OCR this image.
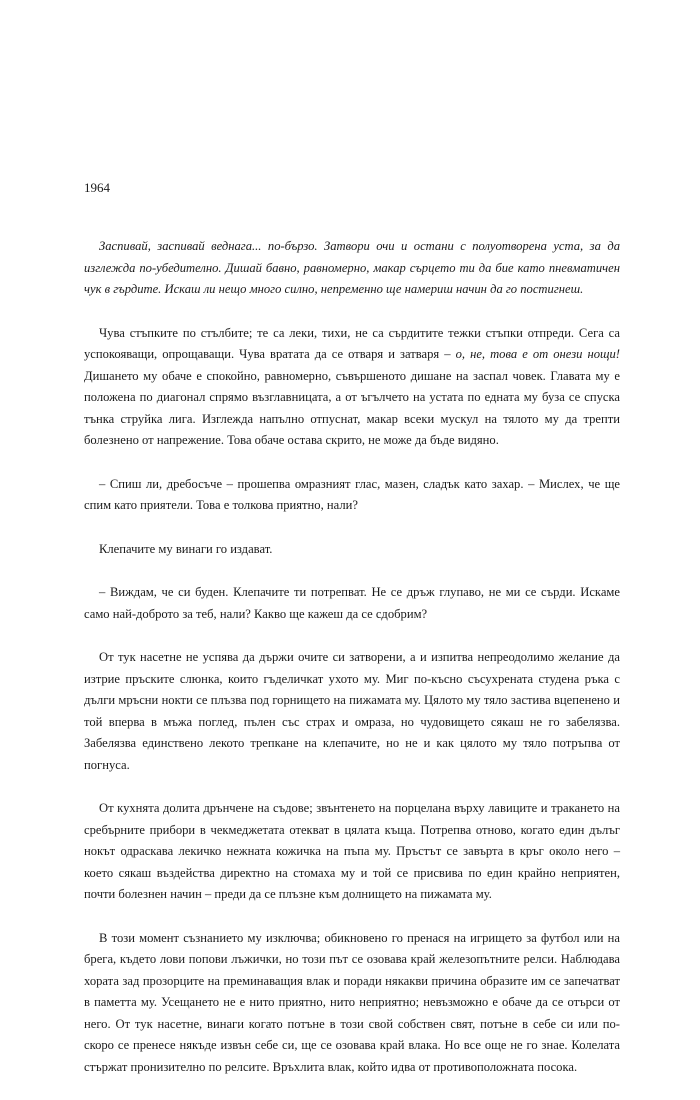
1964

Заспивай, заспивай веднага... по-бързо. Затвори очи и остани с полуотворена уста, за да изглежда по-убедително. Дишай бавно, равномерно, макар сърцето ти да бие като пневматичен чук в гърдите. Искаш ли нещо много силно, непременно ще намериш начин да го постигнеш.

Чува стъпките по стълбите; те са леки, тихи, не са сърдитите тежки стъпки отпреди. Сега са успокояващи, опрощаващи. Чува вратата да се отваря и затваря – о, не, това е от онези нощи! Дишането му обаче е спокойно, равномерно, съвършеното дишане на заспал човек. Главата му е положена по диагонал спрямо възглавницата, а от ъгълчето на устата по едната му буза се спуска тънка струйка лига. Изглежда напълно отпуснат, макар всеки мускул на тялото му да трепти болезнено от напрежение. Това обаче остава скрито, не може да бъде видяно.

– Спиш ли, дребосъче – прошепва омразният глас, мазен, сладък като захар. – Мислех, че ще спим като приятели. Това е толкова приятно, нали?

Клепачите му винаги го издават.

– Виждам, че си буден. Клепачите ти потрепват. Не се дръж глупаво, не ми се сърди. Искаме само най-доброто за теб, нали? Какво ще кажеш да се сдобрим?

От тук насетне не успява да държи очите си затворени, а и изпитва непреодолимо желание да изтрие пръските слюнка, които гъделичкат ухото му. Миг по-късно съсухрената студена ръка с дълги мръсни нокти се плъзва под горнището на пижамата му. Цялото му тяло застива вцепенено и той вперва в мъжа поглед, пълен със страх и омраза, но чудовището сякаш не го забелязва. Забелязва единствено лекото трепкане на клепачите, но не и как цялото му тяло потръпва от погнуса.

От кухнята долита дрънчене на съдове; звънтенето на порцелана върху лавиците и тракането на сребърните прибори в чекмеджетата отекват в цялата къща. Потрепва отново, когато един дълъг нокът одраскава лекичко нежната кожичка на пъпа му. Пръстът се завърта в кръг около него – което сякаш въздейства директно на стомаха му и той се присвива по един крайно неприятен, почти болезнен начин – преди да се плъзне към долнището на пижамата му.

В този момент съзнанието му изключва; обикновено го пренася на игрището за футбол или на брега, където лови попови лъжички, но този път се озовава край железопътните релси. Наблюдава хората зад прозорците на преминаващия влак и поради някакви причина образите им се запечатват в паметта му. Усещането не е нито приятно, нито неприятно; невъзможно е обаче да се отърси от него. От тук насетне, винаги когато потъне в този свой собствен свят, потъне в себе си или по-скоро се пренесе някъде извън себе си, ще се озовава край влака. Но все още не го знае. Колелата стържат пронизително по релсите. Връхлита влак, който идва от противоположната посока.
